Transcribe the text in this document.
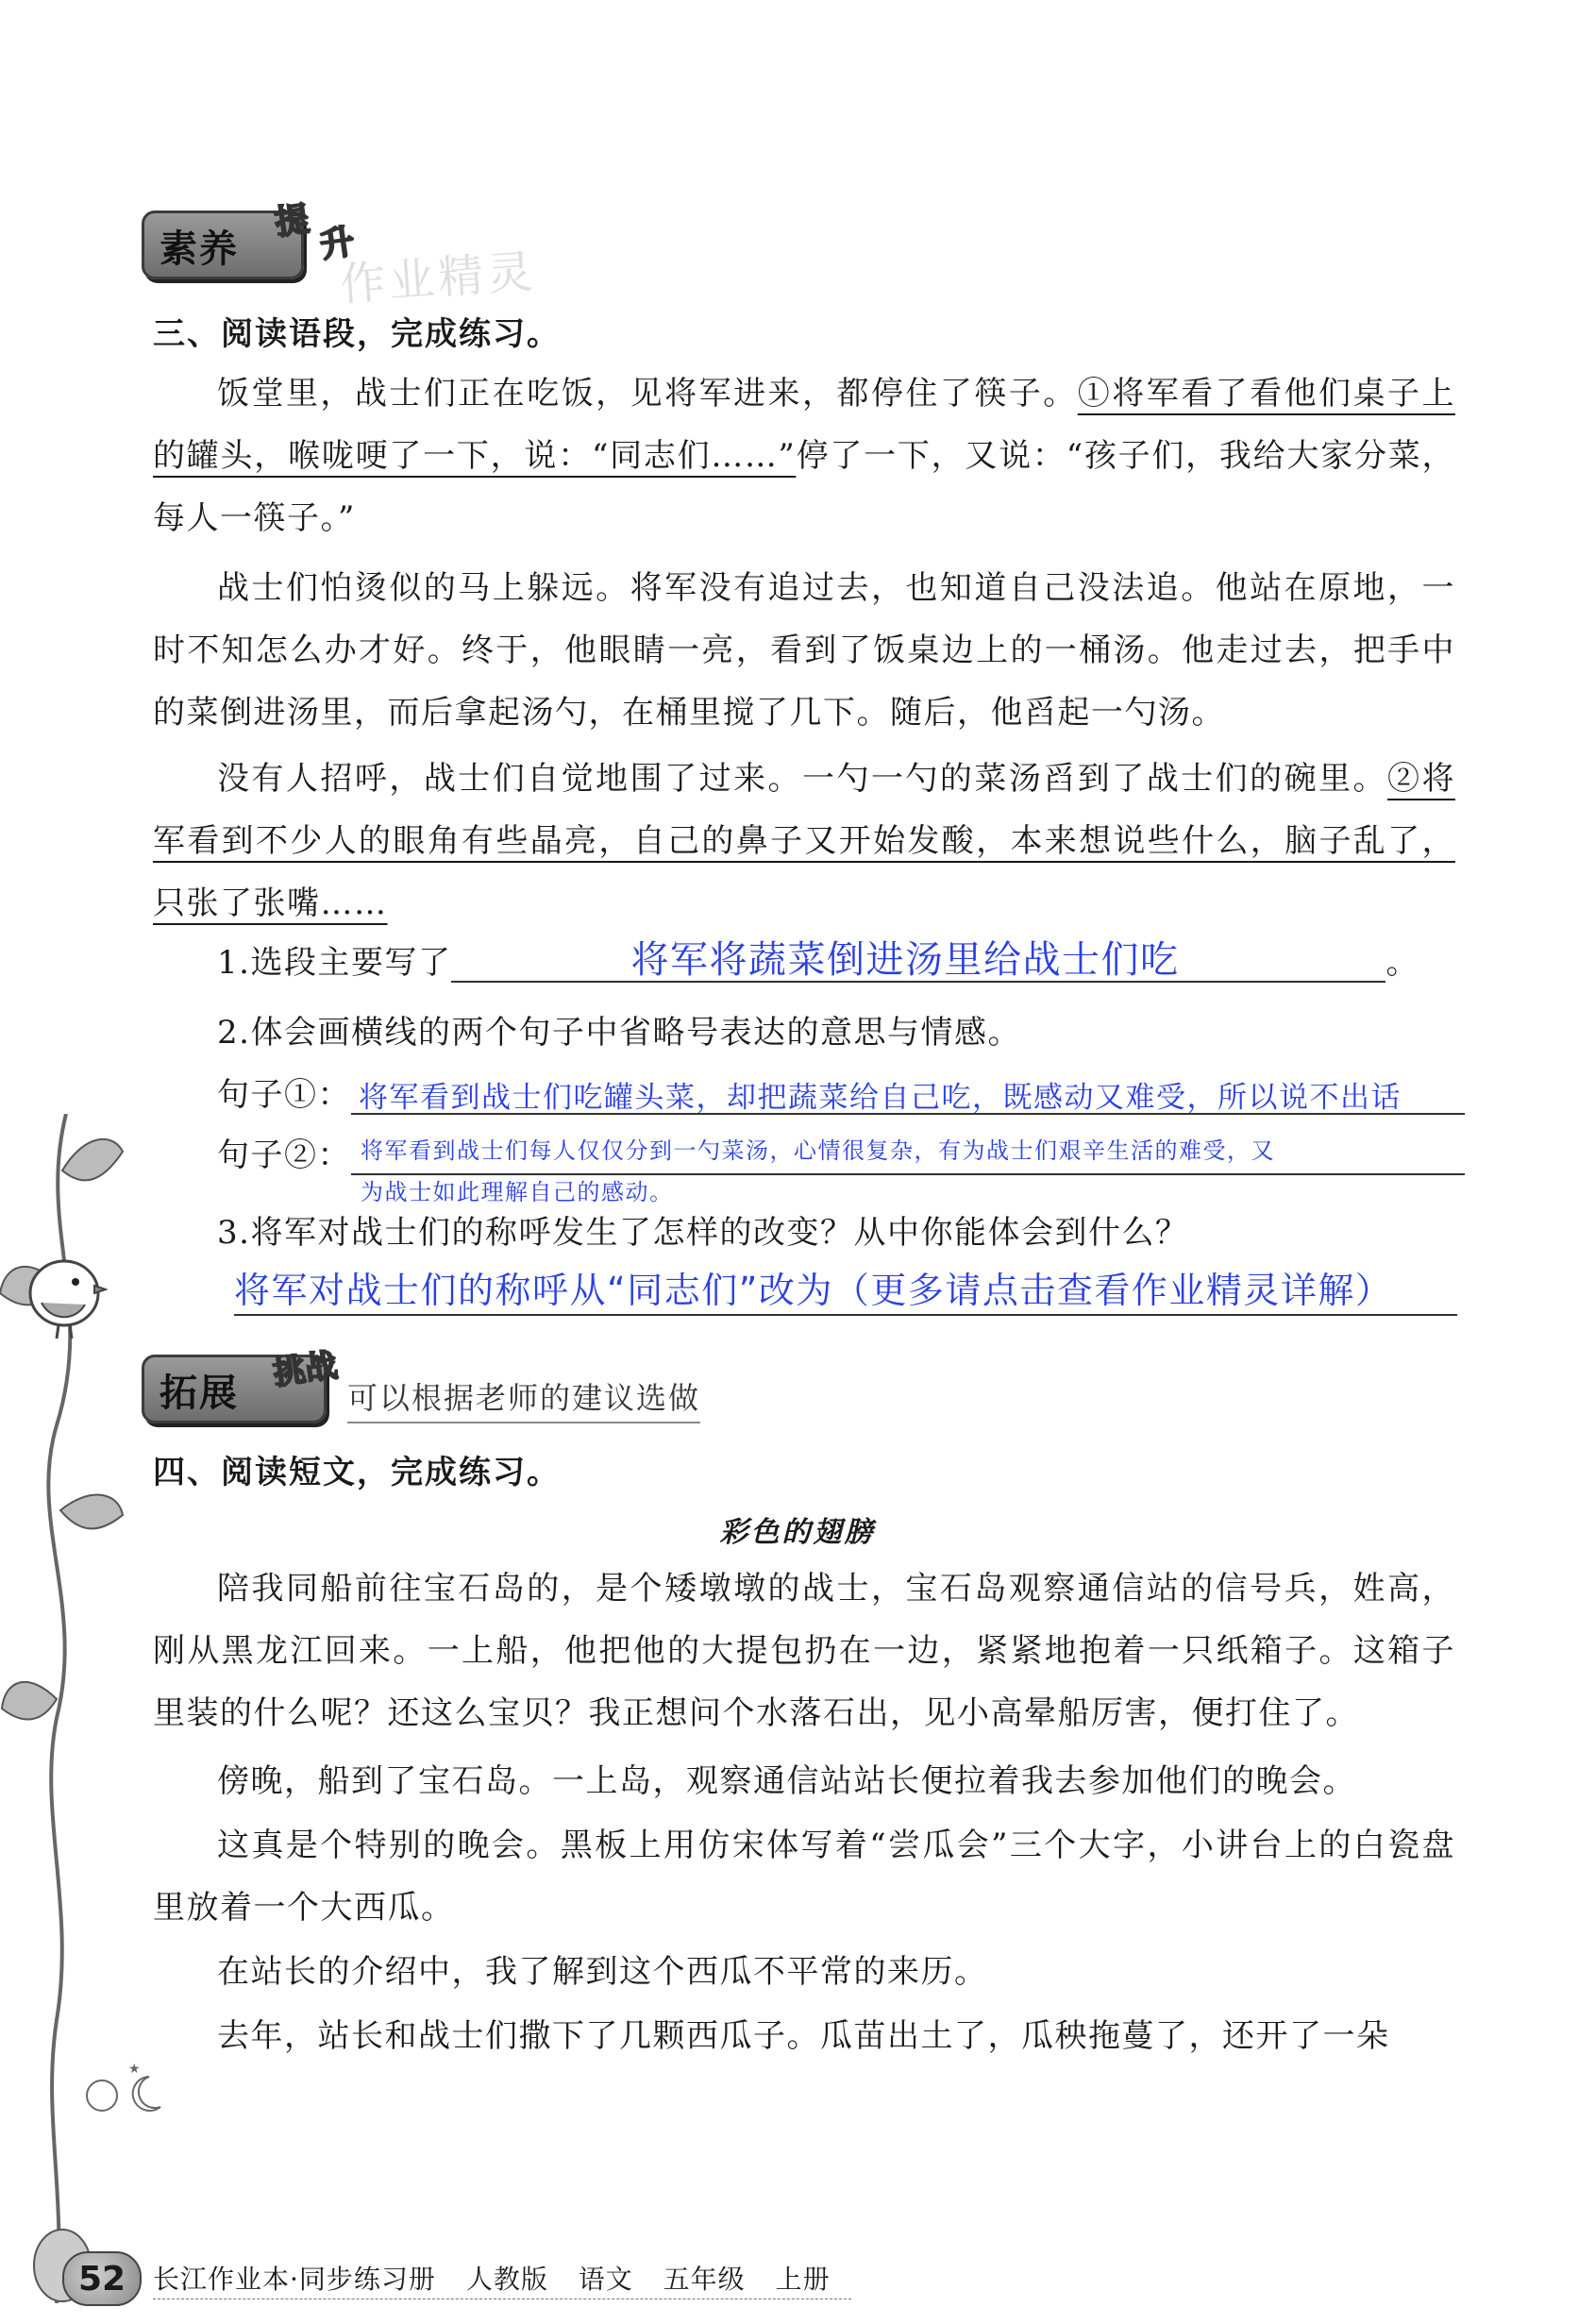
★
作业精灵
素养
提
升
三、阅读语段，完成练习。
饭堂里，战士们正在吃饭，见将军进来，都停住了筷子。①将军看了看他们桌子上的罐头，喉咙哽了一下，说：“同志们……”停了一下，又说：“孩子们，我给大家分菜，每人一筷子。”
战士们怕烫似的马上躲远。将军没有追过去，也知道自己没法追。他站在原地，一时不知怎么办才好。终于，他眼睛一亮，看到了饭桌边上的一桶汤。他走过去，把手中的菜倒进汤里，而后拿起汤勺，在桶里搅了几下。随后，他舀起一勺汤。
没有人招呼，战士们自觉地围了过来。一勺一勺的菜汤舀到了战士们的碗里。②将军看到不少人的眼角有些晶亮，自己的鼻子又开始发酸，本来想说些什么，脑子乱了，只张了张嘴……
1.选段主要写了	将军将蔬菜倒进汤里给战士们吃	。
2.体会画横线的两个句子中省略号表达的意思与情感。
句子①： 将军看到战士们吃罐头菜，却把蔬菜给自己吃，既感动又难受，所以说不出话
句子②： 将军看到战士们每人仅仅分到一勺菜汤，心情很复杂，有为战士们艰辛生活的难受，又
为战士如此理解自己的感动。
3.将军对战士们的称呼发生了怎样的改变？从中你能体会到什么？
将军对战士们的称呼从“同志们”改为（更多请点击查看作业精灵详解）
拓展
挑战
可以根据老师的建议选做
四、阅读短文，完成练习。
彩色的翅膀
陪我同船前往宝石岛的，是个矮墩墩的战士，宝石岛观察通信站的信号兵，姓高，刚从黑龙江回来。一上船，他把他的大提包扔在一边，紧紧地抱着一只纸箱子。这箱子里装的什么呢？还这么宝贝？我正想问个水落石出，见小高晕船厉害，便打住了。
傍晚，船到了宝石岛。一上岛，观察通信站站长便拉着我去参加他们的晚会。
这真是个特别的晚会。黑板上用仿宋体写着“尝瓜会”三个大字，小讲台上的白瓷盘里放着一个大西瓜。
在站长的介绍中，我了解到这个西瓜不平常的来历。
去年，站长和战士们撒下了几颗西瓜子。瓜苗出土了，瓜秧拖蔓了，还开了一朵
52	长江作业本·同步练习册 人教版 语文 五年级 上册
